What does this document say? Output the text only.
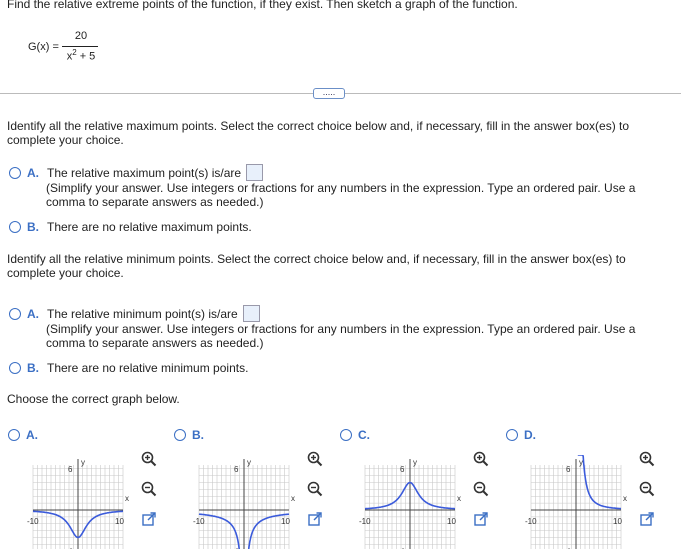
Find the relative extreme points of the function, if they exist. Then sketch a graph of the function.
G(x) =
20
$x^2 + 5$
.....
Identify all the relative maximum points. Select the correct choice below and, if necessary, fill in the answer box(es) to complete your choice.
A. The relative maximum point(s) is/are
(Simplify your answer. Use integers or fractions for any numbers in the expression. Type an ordered pair. Use a comma to separate answers as needed.)
B. There are no relative maximum points.
Identify all the relative minimum points. Select the correct choice below and, if necessary, fill in the answer box(es) to complete your choice.
A. The relative minimum point(s) is/are
(Simplify your answer. Use integers or fractions for any numbers in the expression. Type an ordered pair. Use a comma to separate answers as needed.)
B. There are no relative minimum points.
Choose the correct graph below.
A.
6
y
-10	10
x
B.
6
y
-10	10
x
C.
6
y
-10	10
x
D.
6
y
-10	10
x
